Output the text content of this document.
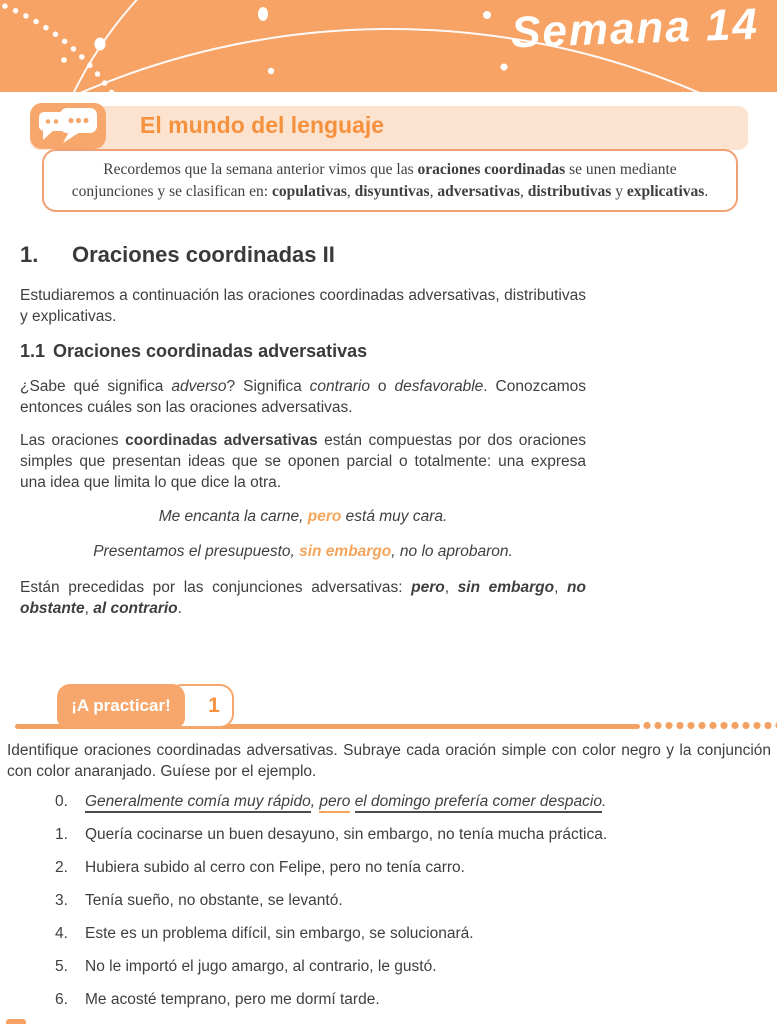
Semana 14
El mundo del lenguaje

Recordemos que la semana anterior vimos que las oraciones coordinadas se unen mediante conjunciones y se clasifican en: copulativas, disyuntivas, adversativas, distributivas y explicativas.

1. Oraciones coordinadas II

Estudiaremos a continuación las oraciones coordinadas adversativas, distributivas y explicativas.

1.1 Oraciones coordinadas adversativas

¿Sabe qué significa adverso? Significa contrario o desfavorable. Conozcamos entonces cuáles son las oraciones adversativas.

Las oraciones coordinadas adversativas están compuestas por dos oraciones simples que presentan ideas que se oponen parcial o totalmente: una expresa una idea que limita lo que dice la otra.

Me encanta la carne, pero está muy cara.

Presentamos el presupuesto, sin embargo, no lo aprobaron.

Están precedidas por las conjunciones adversativas: pero, sin embargo, no obstante, al contrario.

1
¡A practicar!

Identifique oraciones coordinadas adversativas. Subraye cada oración simple con color negro y la conjunción con color anaranjado. Guíese por el ejemplo.

0.	Generalmente comía muy rápido, pero el domingo prefería comer despacio.
1.	Quería cocinarse un buen desayuno, sin embargo, no tenía mucha práctica.
2.	Hubiera subido al cerro con Felipe, pero no tenía carro.
3.	Tenía sueño, no obstante, se levantó.
4.	Este es un problema difícil, sin embargo, se solucionará.
5.	No le importó el jugo amargo, al contrario, le gustó.
6.	Me acosté temprano, pero me dormí tarde.
